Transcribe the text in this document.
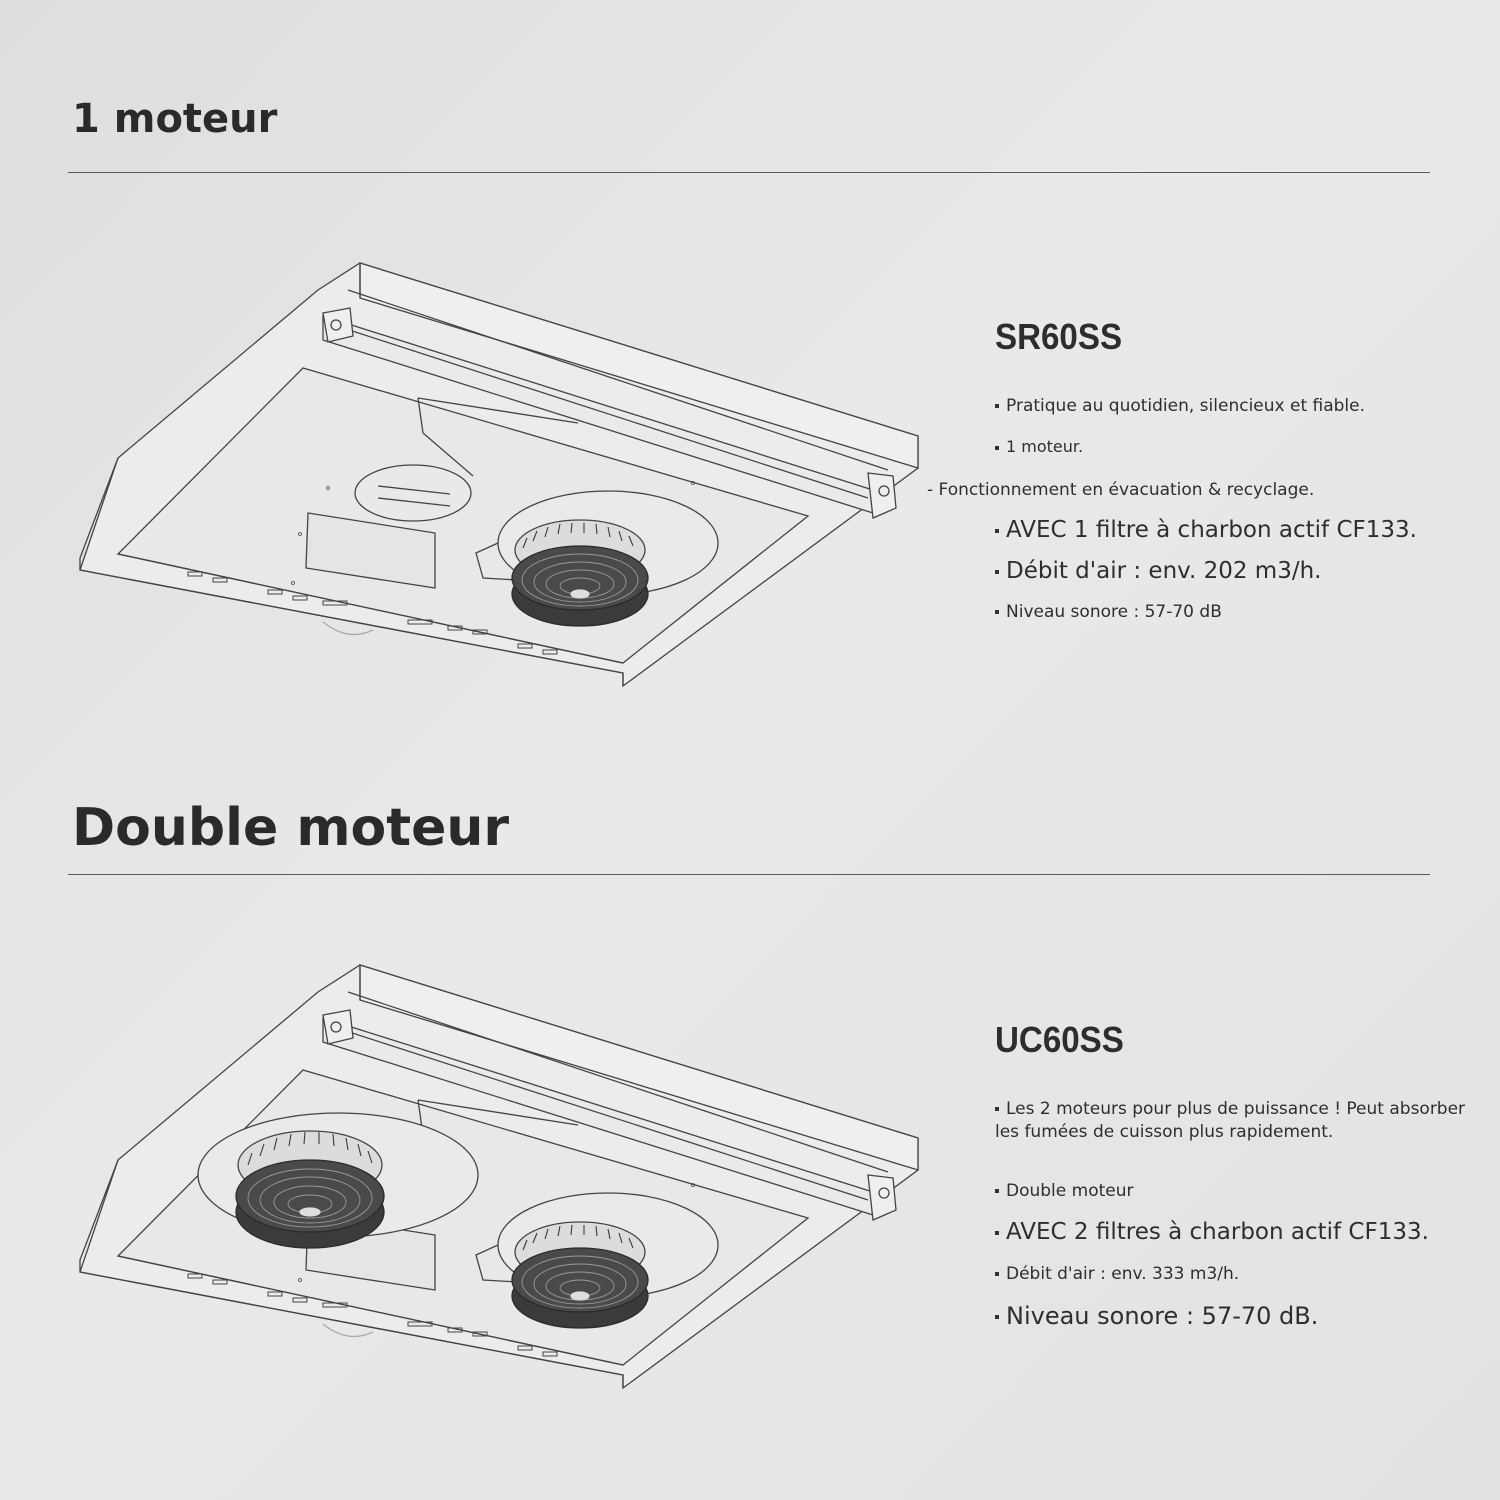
1 moteur
SR60SS

Pratique au quotidien, silencieux et fiable.

1 moteur.

- Fonctionnement en évacuation & recyclage.

AVEC 1 filtre à charbon actif CF133.

Débit d'air : env. 202 m3/h.

Niveau sonore : 57-70 dB

Double moteur
UC60SS

Les 2 moteurs pour plus de puissance ! Peut absorber les fumées de cuisson plus rapidement.

Double moteur

AVEC 2 filtres à charbon actif CF133.

Débit d'air : env. 333 m3/h.

Niveau sonore : 57-70 dB.
